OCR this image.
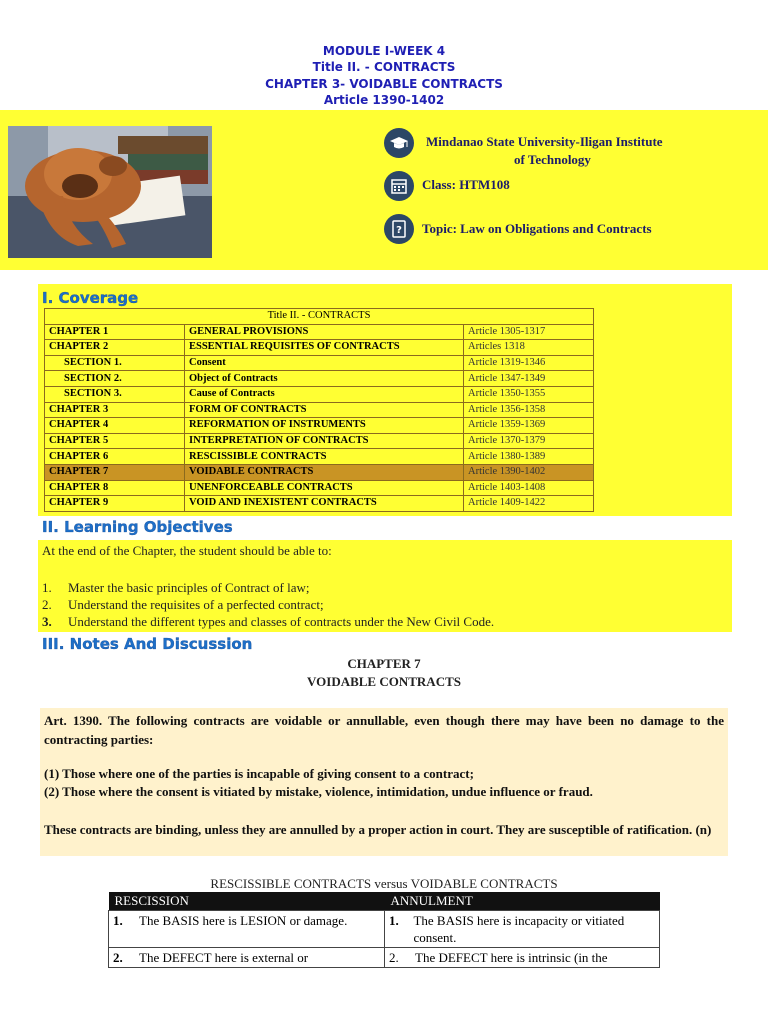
MODULE I-WEEK 4
Title II. - CONTRACTS
CHAPTER 3- VOIDABLE CONTRACTS
Article 1390-1402
Mindanao State University-Iligan Institute
of Technology
Class: HTM108
? Topic: Law on Obligations and Contracts
I. Coverage
Title II. - CONTRACTS		
CHAPTER 1	GENERAL PROVISIONS	Article 1305-1317
CHAPTER 2	ESSENTIAL REQUISITES OF CONTRACTS	Articles 1318
SECTION 1.	Consent	Article 1319-1346
SECTION 2.	Object of Contracts	Article 1347-1349
SECTION 3.	Cause of Contracts	Article 1350-1355
CHAPTER 3	FORM OF CONTRACTS	Article 1356-1358
CHAPTER 4	REFORMATION OF INSTRUMENTS	Article 1359-1369
CHAPTER 5	INTERPRETATION OF CONTRACTS	Article 1370-1379
CHAPTER 6	RESCISSIBLE CONTRACTS	Article 1380-1389
CHAPTER 7	VOIDABLE CONTRACTS	Article 1390-1402
CHAPTER 8	UNENFORCEABLE CONTRACTS	Article 1403-1408
CHAPTER 9	VOID AND INEXISTENT CONTRACTS	Article 1409-1422
II. Learning Objectives
At the end of the Chapter, the student should be able to:
1. Master the basic principles of Contract of law;
2. Understand the requisites of a perfected contract;
3. Understand the different types and classes of contracts under the New Civil Code.
III. Notes And Discussion
CHAPTER 7
VOIDABLE CONTRACTS
Art. 1390. The following contracts are voidable or annullable, even though there may have been no damage to the contracting parties:
(1) Those where one of the parties is incapable of giving consent to a contract;
(2) Those where the consent is vitiated by mistake, violence, intimidation, undue influence or fraud.
These contracts are binding, unless they are annulled by a proper action in court. They are susceptible of ratification. (n)
RESCISSIBLE CONTRACTS versus VOIDABLE CONTRACTS
RESCISSION	ANNULMENT
1. The BASIS here is LESION or damage.	1. The BASIS here is incapacity or vitiated consent.

2. The DEFECT here is external or	2. The DEFECT here is intrinsic (in the
